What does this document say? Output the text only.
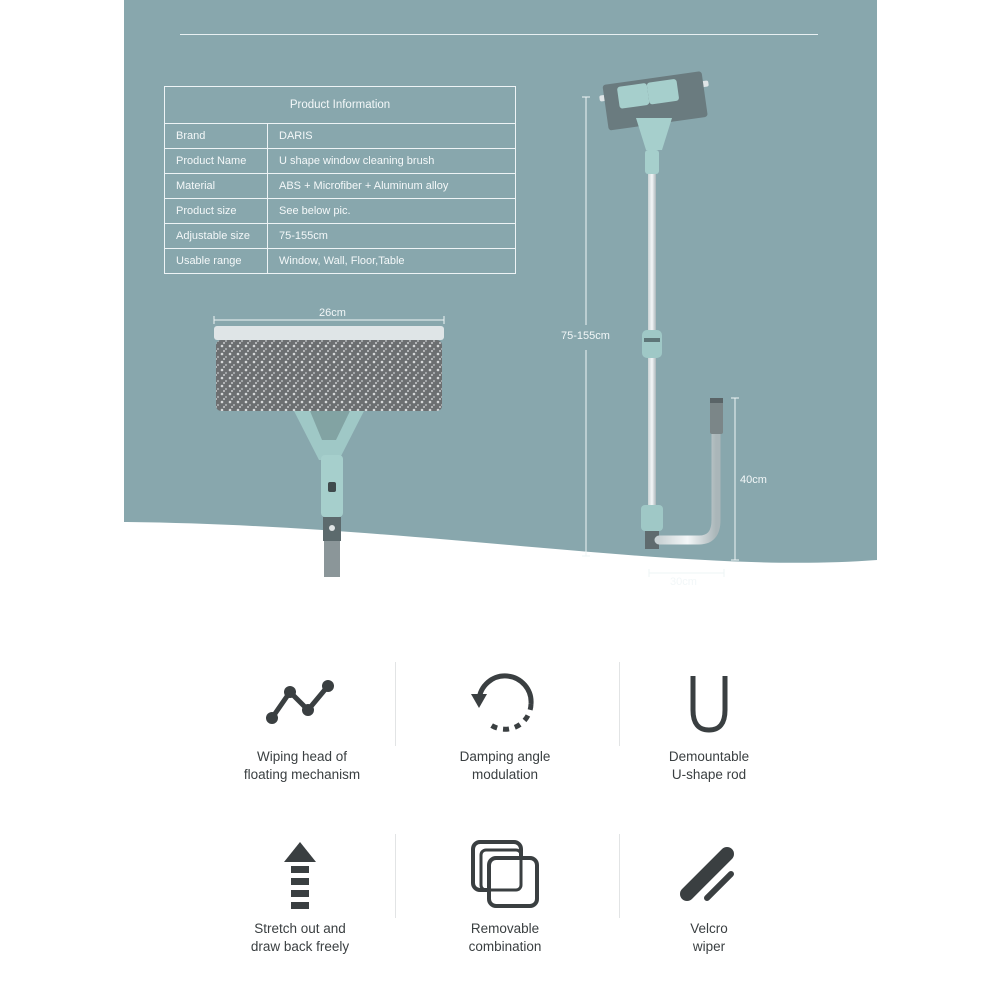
Product Information	
Brand	DARIS
Product Name	U shape window cleaning brush
Material	ABS + Microfiber + Aluminum alloy
Product size	See below pic.
Adjustable size	75-155cm
Usable range	Window, Wall, Floor,Table
26cm
75-155cm
40cm
30cm
Wiping head of
floating mechanism
Damping angle
modulation
Demountable
U-shape rod
Stretch out and
draw back freely
Removable
combination
Velcro
wiper
